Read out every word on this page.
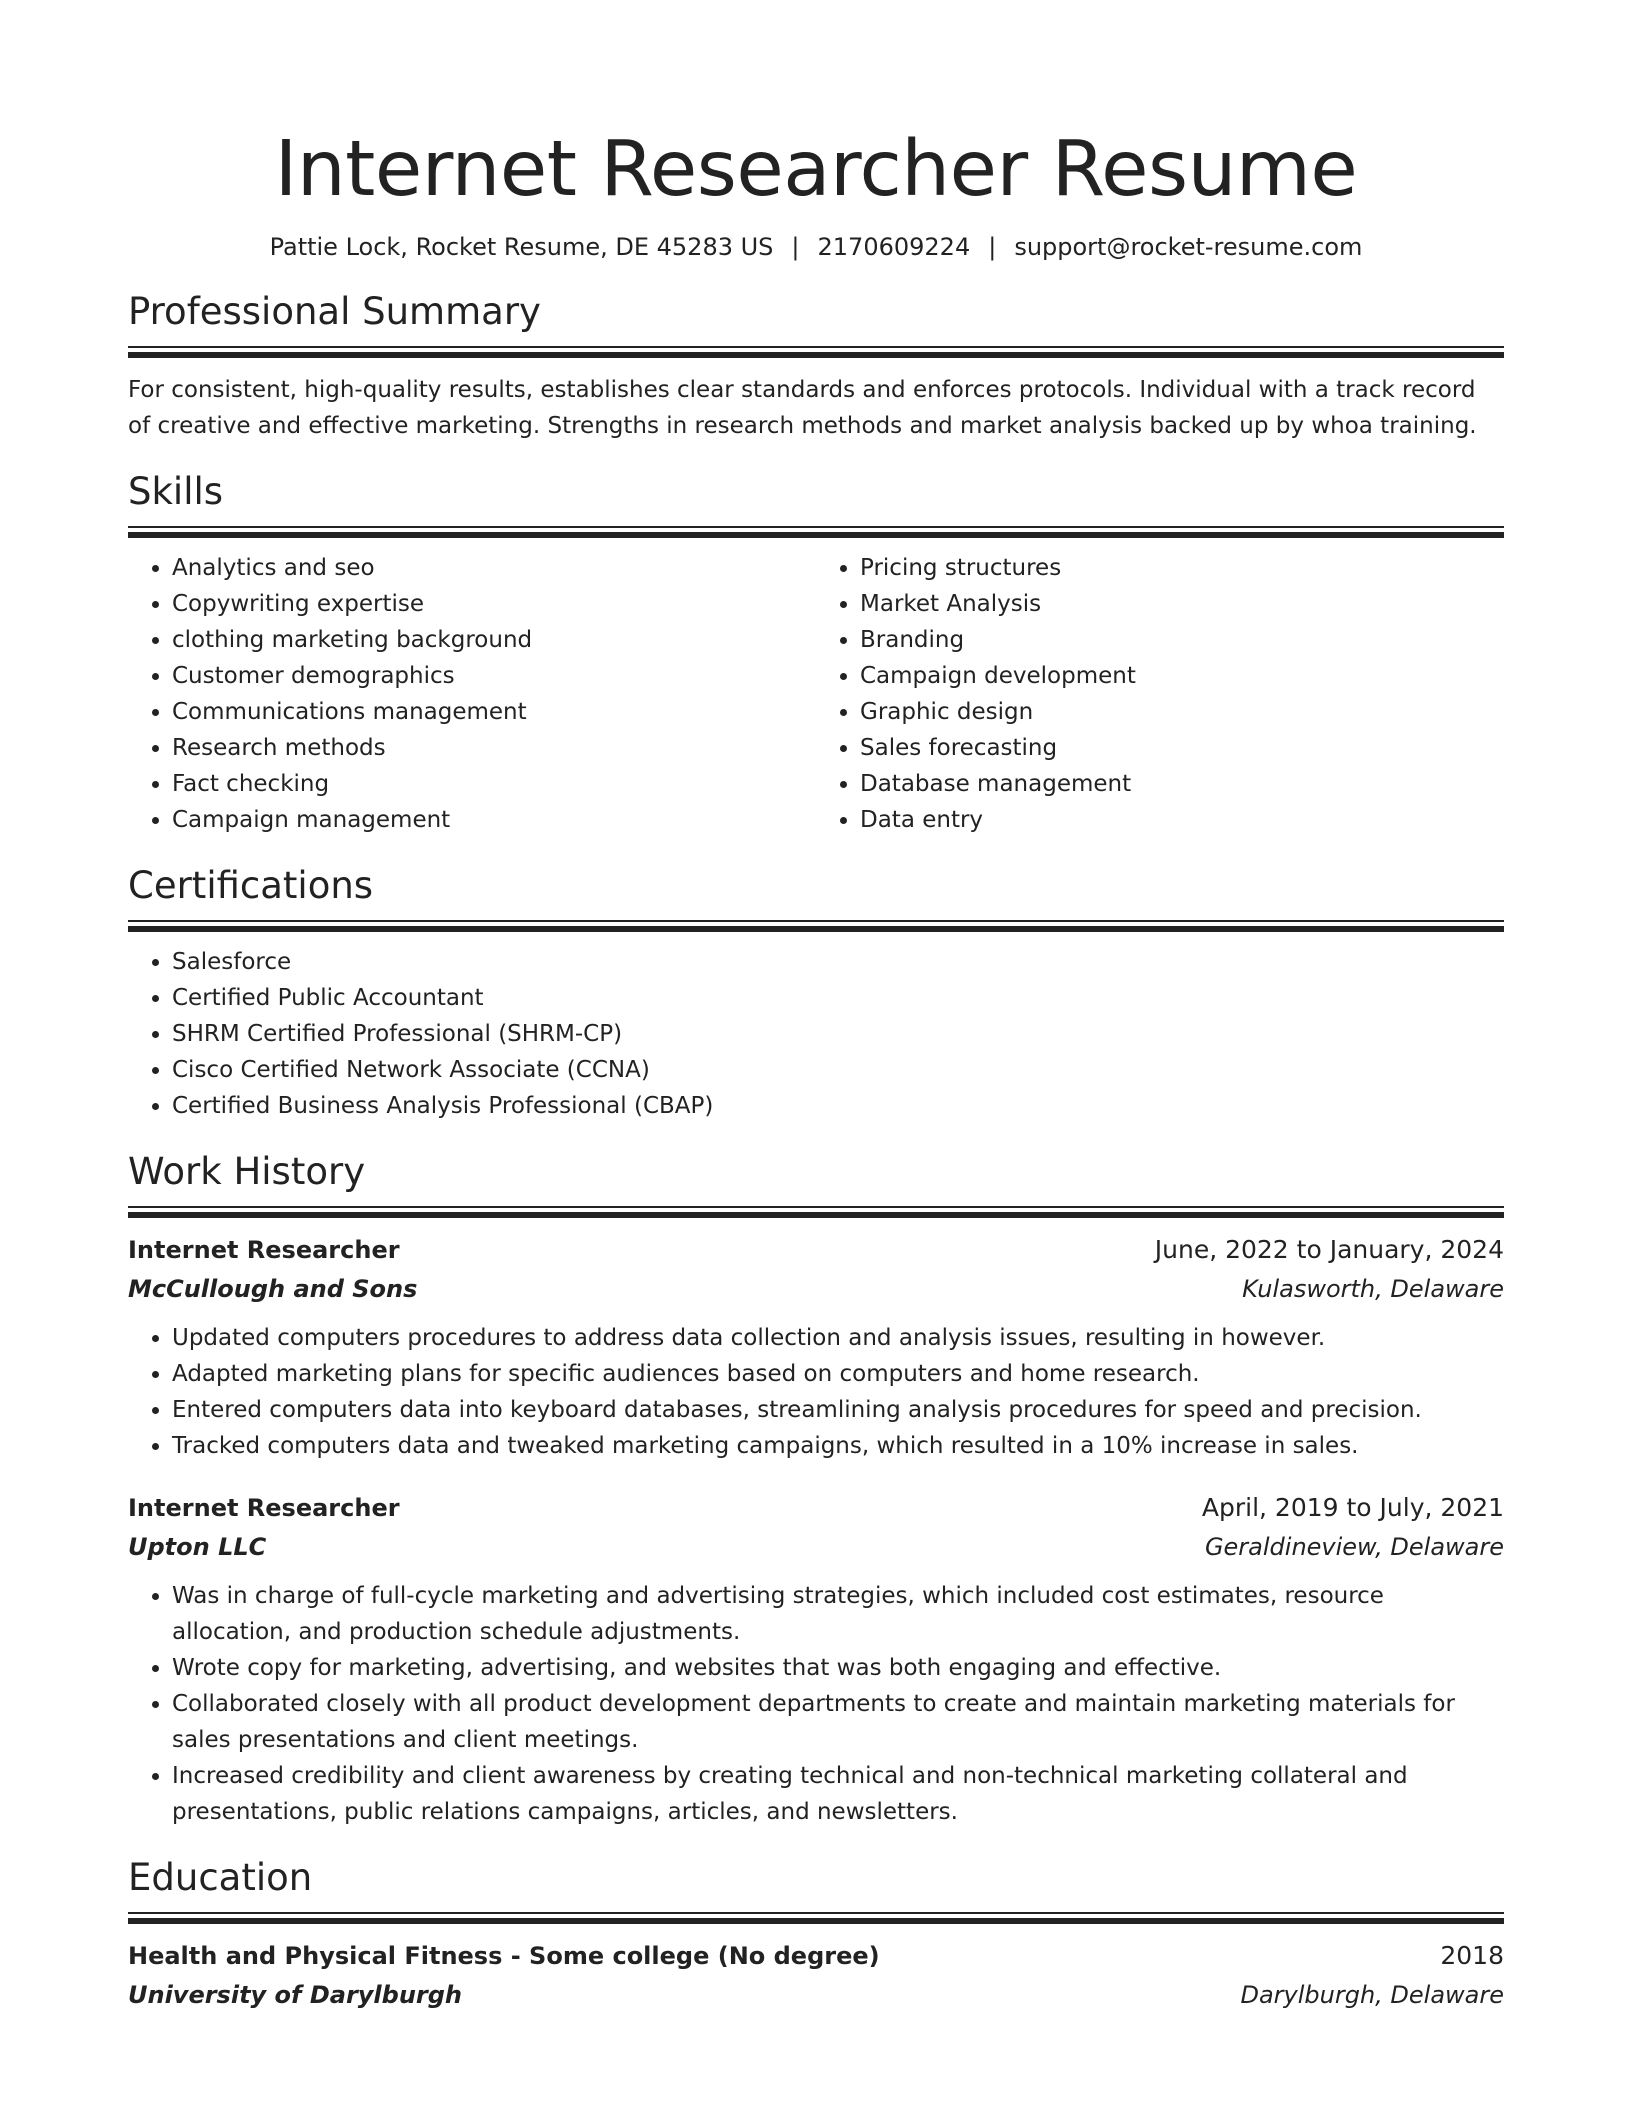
Internet Researcher Resume
Pattie Lock, Rocket Resume, DE 45283 US | 2170609224 | support@rocket-resume.com
Professional Summary

For consistent, high-quality results, establishes clear standards and enforces protocols. Individual with a track record of creative and effective marketing. Strengths in research methods and market analysis backed up by whoa training.

Skills
• Analytics and seo
• Copywriting expertise
• clothing marketing background
• Customer demographics
• Communications management
• Research methods
• Fact checking
• Campaign management
• Pricing structures
• Market Analysis
• Branding
• Campaign development
• Graphic design
• Sales forecasting
• Database management
• Data entry
Certifications
• Salesforce
• Certified Public Accountant
• SHRM Certified Professional (SHRM-CP)
• Cisco Certified Network Associate (CCNA)
• Certified Business Analysis Professional (CBAP)
Work History
Internet Researcher	June, 2022 to January, 2024
McCullough and Sons	Kulasworth, Delaware
• Updated computers procedures to address data collection and analysis issues, resulting in however.
• Adapted marketing plans for specific audiences based on computers and home research.
• Entered computers data into keyboard databases, streamlining analysis procedures for speed and precision.
• Tracked computers data and tweaked marketing campaigns, which resulted in a 10% increase in sales.
Internet Researcher	April, 2019 to July, 2021
Upton LLC	Geraldineview, Delaware
• Was in charge of full-cycle marketing and advertising strategies, which included cost estimates, resource allocation, and production schedule adjustments.
• Wrote copy for marketing, advertising, and websites that was both engaging and effective.
• Collaborated closely with all product development departments to create and maintain marketing materials for sales presentations and client meetings.
• Increased credibility and client awareness by creating technical and non-technical marketing collateral and presentations, public relations campaigns, articles, and newsletters.
Education
Health and Physical Fitness - Some college (No degree)	2018
University of Darylburgh	Darylburgh, Delaware
